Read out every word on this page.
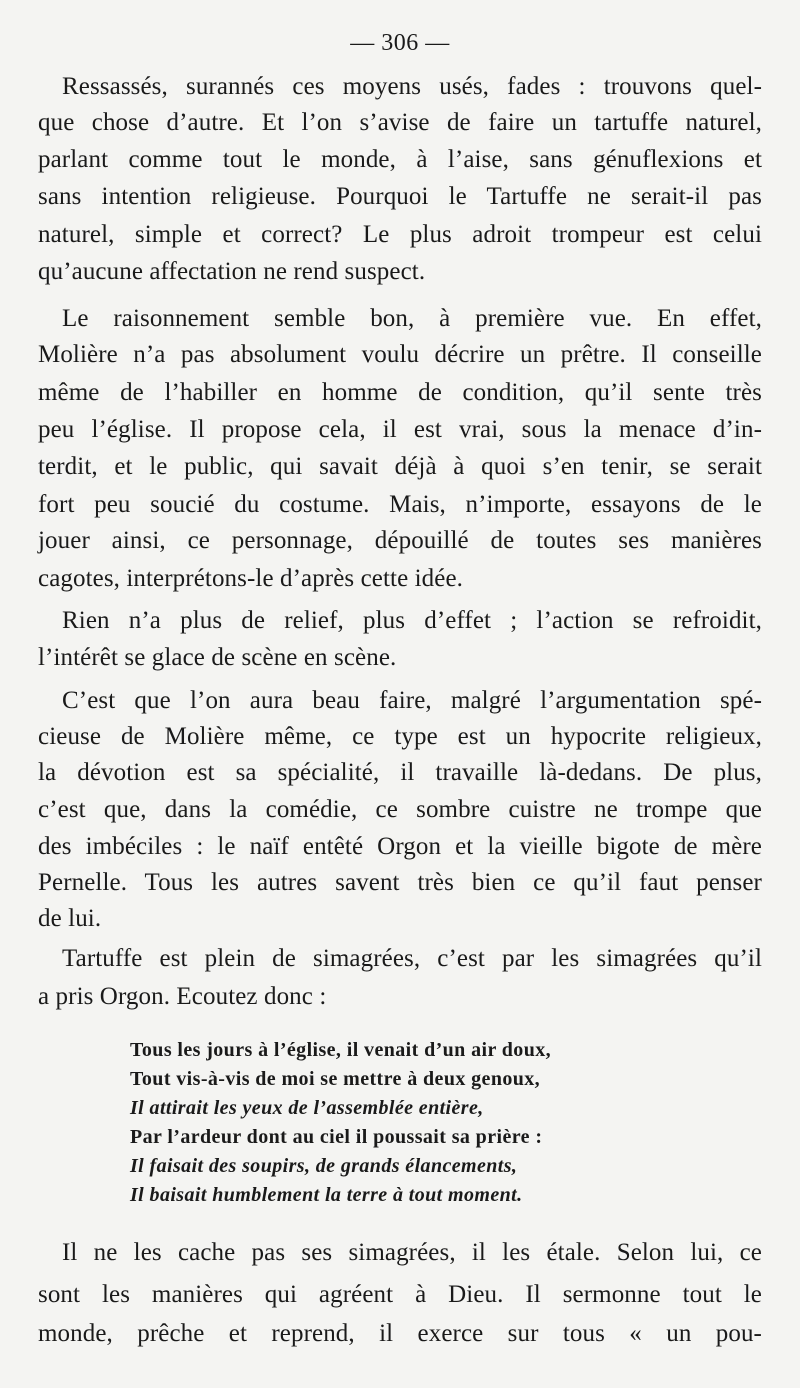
— 306 —
Ressassés, surannés ces moyens usés, fades : trouvons quel-
que chose d’autre. Et l’on s’avise de faire un tartuffe naturel,
parlant comme tout le monde, à l’aise, sans génuflexions et
sans intention religieuse. Pourquoi le Tartuffe ne serait-il pas
naturel, simple et correct? Le plus adroit trompeur est celui
qu’aucune affectation ne rend suspect.
Le raisonnement semble bon, à première vue. En effet,
Molière n’a pas absolument voulu décrire un prêtre. Il conseille
même de l’habiller en homme de condition, qu’il sente très
peu l’église. Il propose cela, il est vrai, sous la menace d’in-
terdit, et le public, qui savait déjà à quoi s’en tenir, se serait
fort peu soucié du costume. Mais, n’importe, essayons de le
jouer ainsi, ce personnage, dépouillé de toutes ses manières
cagotes, interprétons-le d’après cette idée.
Rien n’a plus de relief, plus d’effet ; l’action se refroidit,
l’intérêt se glace de scène en scène.
C’est que l’on aura beau faire, malgré l’argumentation spé-
cieuse de Molière même, ce type est un hypocrite religieux,
la dévotion est sa spécialité, il travaille là-dedans. De plus,
c’est que, dans la comédie, ce sombre cuistre ne trompe que
des imbéciles : le naïf entêté Orgon et la vieille bigote de mère
Pernelle. Tous les autres savent très bien ce qu’il faut penser
de lui.
Tartuffe est plein de simagrées, c’est par les simagrées qu’il
a pris Orgon. Ecoutez donc :
Tous les jours à l’église, il venait d’un air doux,
Tout vis-à-vis de moi se mettre à deux genoux,
Il attirait les yeux de l’assemblée entière,
Par l’ardeur dont au ciel il poussait sa prière :
Il faisait des soupirs, de grands élancements,
Il baisait humblement la terre à tout moment.
Il ne les cache pas ses simagrées, il les étale. Selon lui, ce
sont les manières qui agréent à Dieu. Il sermonne tout le
monde, prêche et reprend, il exerce sur tous « un pou-
